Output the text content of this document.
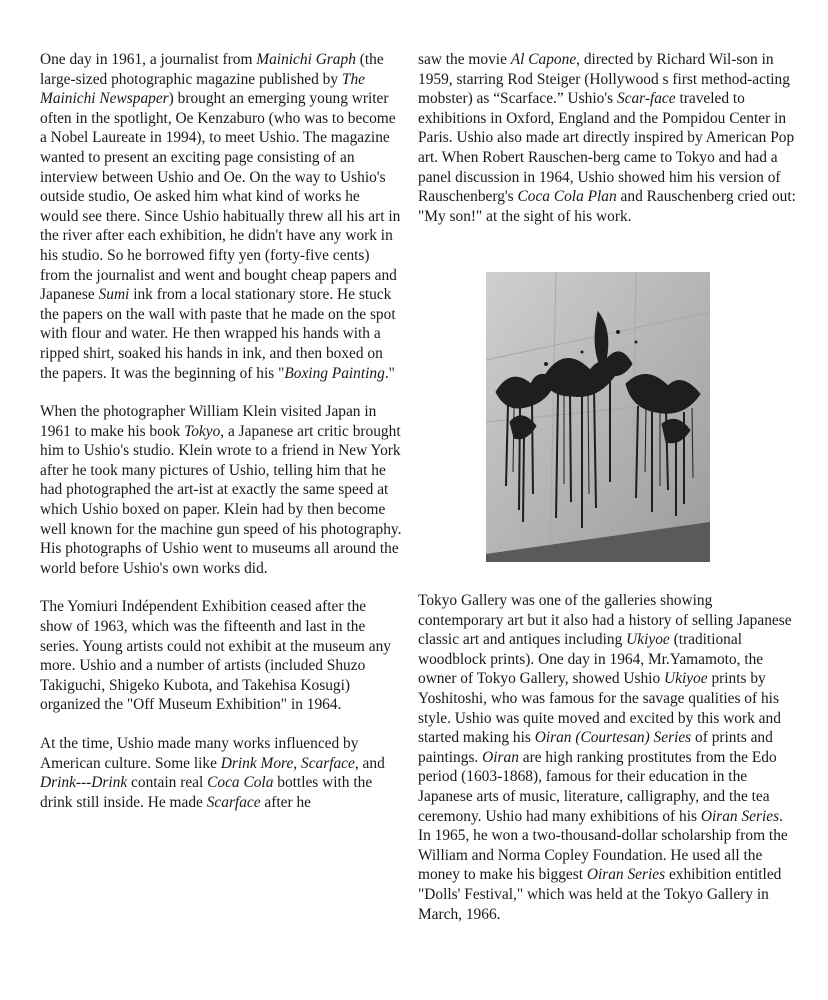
One day in 1961, a journalist from Mainichi Graph (the large-sized photographic magazine published by The Mainichi Newspaper) brought an emerging young writer often in the spotlight, Oe Kenzaburo (who was to become a Nobel Laureate in 1994), to meet Ushio. The magazine wanted to present an exciting page consisting of an interview between Ushio and Oe. On the way to Ushio's outside studio, Oe asked him what kind of works he would see there. Since Ushio habitually threw all his art in the river after each exhibition, he didn't have any work in his studio. So he borrowed fifty yen (forty-five cents) from the journalist and went and bought cheap papers and Japanese Sumi ink from a local stationary store. He stuck the papers on the wall with paste that he made on the spot with flour and water. He then wrapped his hands with a ripped shirt, soaked his hands in ink, and then boxed on the papers. It was the beginning of his "Boxing Painting."

When the photographer William Klein visited Japan in 1961 to make his book Tokyo, a Japanese art critic brought him to Ushio's studio. Klein wrote to a friend in New York after he took many pictures of Ushio, telling him that he had photographed the art-ist at exactly the same speed at which Ushio boxed on paper. Klein had by then become well known for the machine gun speed of his photography. His photographs of Ushio went to museums all around the world before Ushio's own works did.

The Yomiuri Indépendent Exhibition ceased after the show of 1963, which was the fifteenth and last in the series. Young artists could not exhibit at the museum any more. Ushio and a number of artists (included Shuzo Takiguchi, Shigeko Kubota, and Takehisa Kosugi) organized the "Off Museum Exhibition" in 1964.

At the time, Ushio made many works influenced by American culture. Some like Drink More, Scarface, and Drink---Drink contain real Coca Cola bottles with the drink still inside. He made Scarface after he

saw the movie Al Capone, directed by Richard Wil-son in 1959, starring Rod Steiger (Hollywood s first method-acting mobster) as “Scarface.” Ushio's Scar-face traveled to exhibitions in Oxford, England and the Pompidou Center in Paris. Ushio also made art directly inspired by American Pop art. When Robert Rauschen-berg came to Tokyo and had a panel discussion in 1964, Ushio showed him his version of Rauschenberg's Coca Cola Plan and Rauschenberg cried out: "My son!" at the sight of his work.

Tokyo Gallery was one of the galleries showing contemporary art but it also had a history of selling Japanese classic art and antiques including Ukiyoe (traditional woodblock prints). One day in 1964, Mr.Yamamoto, the owner of Tokyo Gallery, showed Ushio Ukiyoe prints by Yoshitoshi, who was famous for the savage qualities of his style. Ushio was quite moved and excited by this work and started making his Oiran (Courtesan) Series of prints and paintings. Oiran are high ranking prostitutes from the Edo period (1603-1868), famous for their education in the Japanese arts of music, literature, calligraphy, and the tea ceremony. Ushio had many exhibitions of his Oiran Series. In 1965, he won a two-thousand-dollar scholarship from the William and Norma Copley Foundation. He used all the money to make his biggest Oiran Series exhibition entitled "Dolls' Festival," which was held at the Tokyo Gallery in March, 1966.
